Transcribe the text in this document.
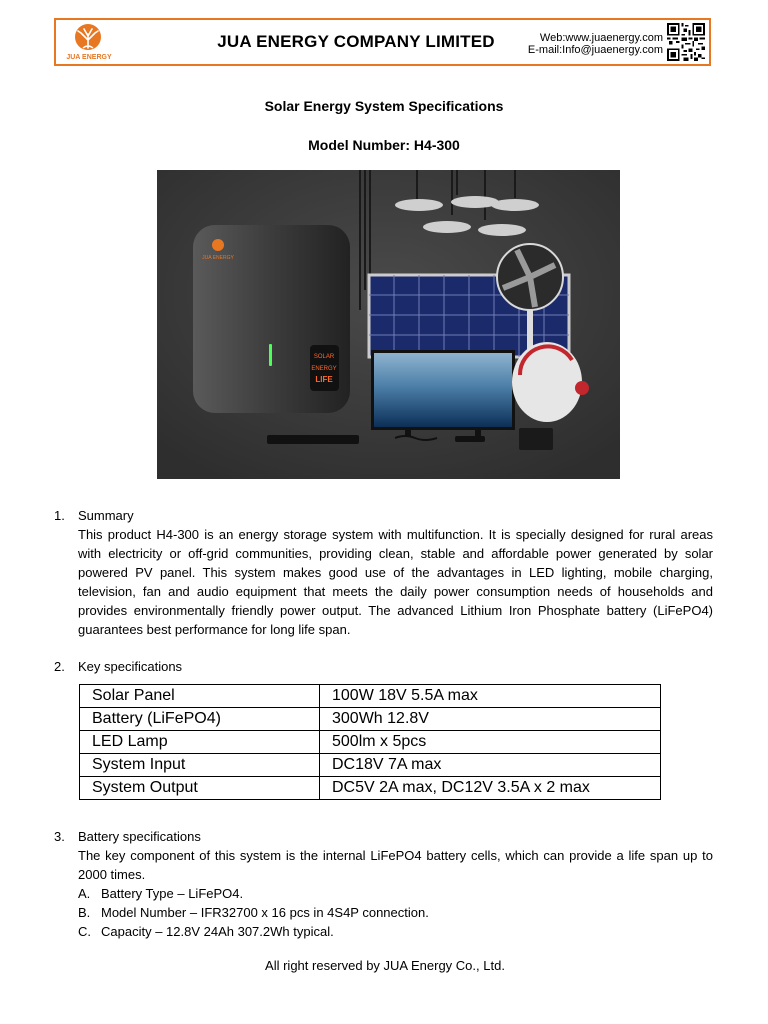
JUA ENERGY
JUA ENERGY COMPANY LIMITED	Web:www.juaenergy.com
E-mail:Info@juaenergy.com
Solar Energy System Specifications
Model Number: H4-300
JUA ENERGY
SOLAR
ENERGY
LIFE
1. Summary
This product H4-300 is an energy storage system with multifunction. It is specially designed for rural areas with electricity or off-grid communities, providing clean, stable and affordable power generated by solar powered PV panel. This system makes good use of the advantages in LED lighting, mobile charging, television, fan and audio equipment that meets the daily power consumption needs of households and provides environmentally friendly power output. The advanced Lithium Iron Phosphate battery (LiFePO4) guarantees best performance for long life span.
2. Key specifications
Solar Panel	100W 18V 5.5A max
Battery (LiFePO4)	300Wh 12.8V
LED Lamp	500lm x 5pcs
System Input	DC18V 7A max
System Output	DC5V 2A max, DC12V 3.5A x 2 max
3. Battery specifications
The key component of this system is the internal LiFePO4 battery cells, which can provide a life span up to 2000 times.
A. Battery Type – LiFePO4.
B. Model Number – IFR32700 x 16 pcs in 4S4P connection.
C. Capacity – 12.8V 24Ah 307.2Wh typical.
All right reserved by JUA Energy Co., Ltd.
